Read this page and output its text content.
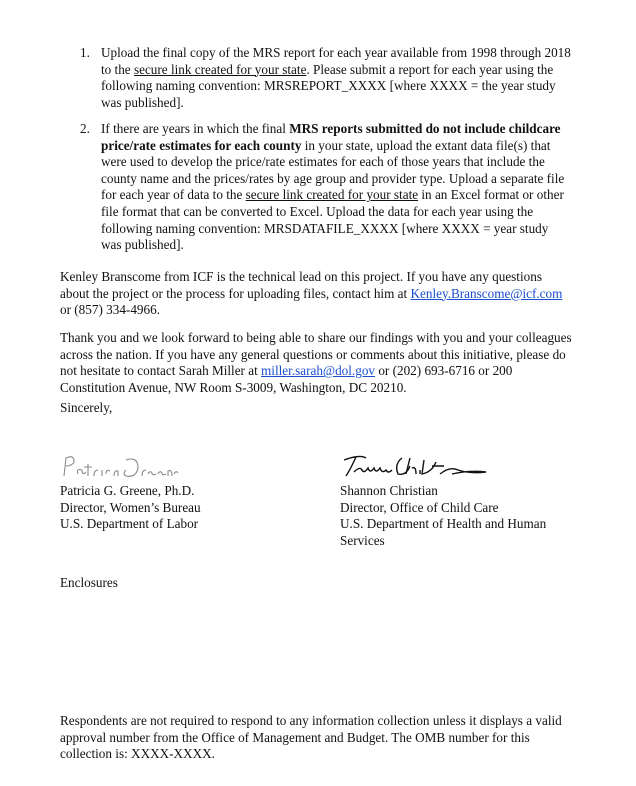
1. Upload the final copy of the MRS report for each year available from 1998 through 2018
to the secure link created for your state. Please submit a report for each year using the
following naming convention: MRSREPORT_XXXX [where XXXX = the year study
was published].
2. If there are years in which the final MRS reports submitted do not include childcare
price/rate estimates for each county in your state, upload the extant data file(s) that
were used to develop the price/rate estimates for each of those years that include the
county name and the prices/rates by age group and provider type. Upload a separate file
for each year of data to the secure link created for your state in an Excel format or other
file format that can be converted to Excel. Upload the data for each year using the
following naming convention: MRSDATAFILE_XXXX [where XXXX = year study
was published].
Kenley Branscome from ICF is the technical lead on this project. If you have any questions
about the project or the process for uploading files, contact him at Kenley.Branscome@icf.com
or (857) 334-4966.
Thank you and we look forward to being able to share our findings with you and your colleagues
across the nation. If you have any general questions or comments about this initiative, please do
not hesitate to contact Sarah Miller at miller.sarah@dol.gov or (202) 693-6716 or 200
Constitution Avenue, NW Room S-3009, Washington, DC 20210.
Sincerely,
Patricia G. Greene, Ph.D.
Director, Women’s Bureau
U.S. Department of Labor
Shannon Christian
Director, Office of Child Care
U.S. Department of Health and Human
Services
Enclosures
Respondents are not required to respond to any information collection unless it displays a valid
approval number from the Office of Management and Budget. The OMB number for this
collection is: XXXX-XXXX.
